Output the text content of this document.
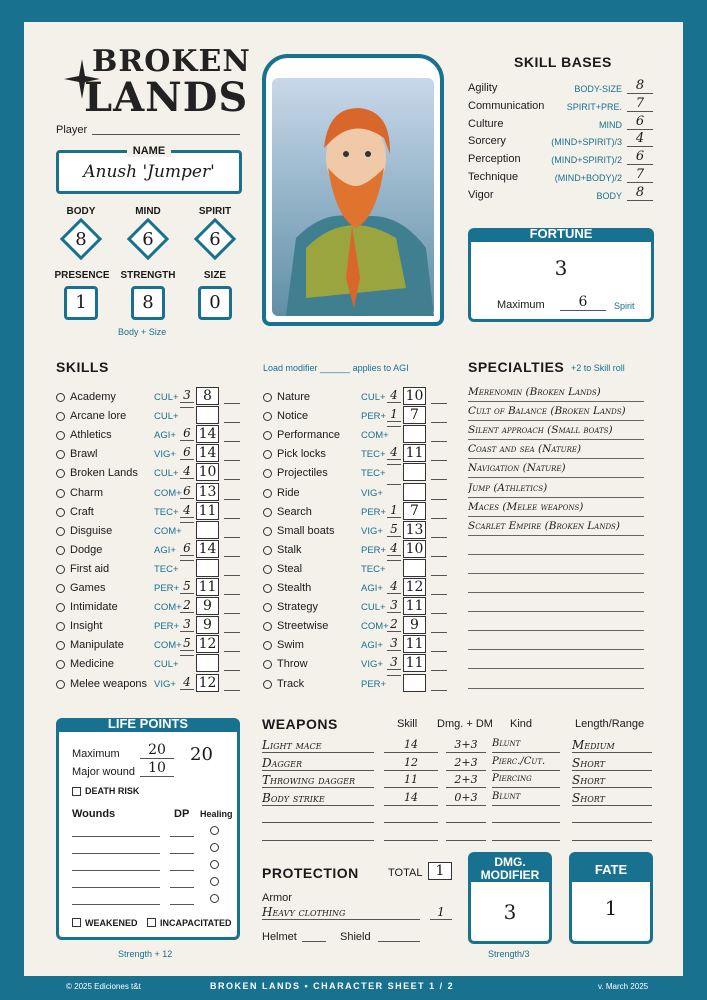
BROKEN
LANDS
Player
NAME
Anush 'Jumper'
BODY	MIND	SPIRIT
8	6	6
PRESENCE	STRENGTH	SIZE
1	8	0
Body + Size
SKILL BASES
Agility	BODY-SIZE	8
Communication	SPIRIT+PRE.	7
Culture	MIND	6
Sorcery	(MIND+SPIRIT)/3	4
Perception	(MIND+SPIRIT)/2	6
Technique	(MIND+BODY)/2	7
Vigor	BODY	8
FORTUNE
3
Maximum	6	Spirit
SKILLS	Load modifier ______ applies to AGI
Academy	CUL+ 3 8
Arcane lore	CUL+
Athletics	AGI+ 6 14
Brawl	VIG+ 6 14
Broken Lands CUL+ 4 10
Charm	COM+ 6 13
Craft	TEC+ 4 11
Disguise	COM+
Dodge	AGI+ 6 14
First aid	TEC+
Games	PER+ 5 11
Intimidate	COM+ 2 9
Insight	PER+ 3 9
Manipulate	COM+ 5 12
Medicine	CUL+
Melee weapons VIG+ 4 12
Nature	CUL+ 4 10
Notice	PER+ 1 7
Performance COM+
Pick locks	TEC+ 4 11
Projectiles	TEC+
Ride	VIG+
Search	PER+ 1 7
Small boats	VIG+ 5 13
Stalk	PER+ 4 10
Steal	TEC+
Stealth	AGI+ 4 12
Strategy	CUL+ 3 11
Streetwise	COM+ 2 9
Swim	AGI+ 3 11
Throw	VIG+ 3 11
Track	PER+
SPECIALTIES +2 to Skill roll
Merenomin (Broken Lands)
Cult of Balance (Broken Lands)
Silent approach (Small boats)
Coast and sea (Nature)
Navigation (Nature)
Jump (Athletics)
Maces (Melee weapons)
Scarlet Empire (Broken Lands)
LIFE POINTS
Maximum	20	20
Major wound 10
DEATH RISK
Wounds	DP Healing
WEAKENED INCAPACITATED
Strength + 12
WEAPONS	Skill Dmg. + DM Kind	Length/Range
Light mace	14	3+3	Blunt	Medium
Dagger	12	2+3	Pierc./Cut.	Short
Throwing dagger	11	2+3	Piercing	Short
Body strike	14	0+3	Blunt	Short
PROTECTION	TOTAL 1
Armor
Heavy clothing	1
Helmet	Shield
DMG.
MODIFIER
3
Strength/3
FATE
1
© 2025 Ediciones t&t	BROKEN LANDS • CHARACTER SHEET 1 / 2	v. March 2025
